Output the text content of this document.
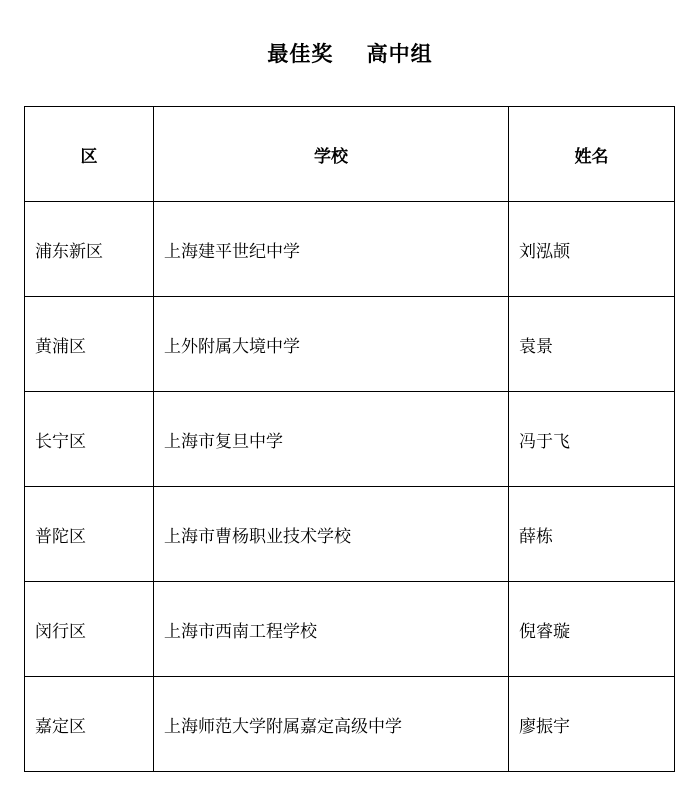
最佳奖    高中组
区	学校	姓名
浦东新区	上海建平世纪中学	刘泓颉
黄浦区	上外附属大境中学	袁景
长宁区	上海市复旦中学	冯于飞
普陀区	上海市曹杨职业技术学校	薛栋
闵行区	上海市西南工程学校	倪睿璇
嘉定区	上海师范大学附属嘉定高级中学	廖振宇
